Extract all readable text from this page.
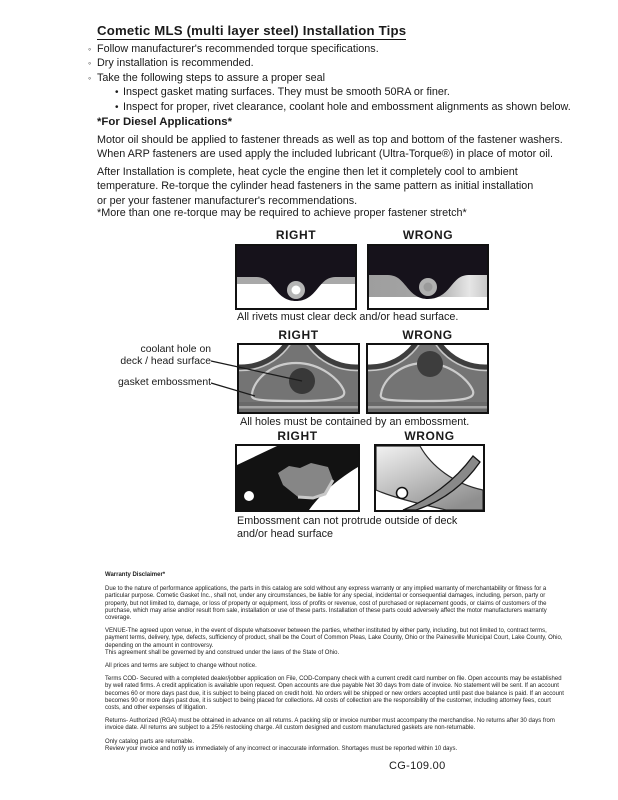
Cometic MLS (multi layer steel) Installation Tips
◦ Follow manufacturer's recommended torque specifications.
◦ Dry installation is recommended.
◦ Take the following steps to assure a proper seal
• Inspect gasket mating surfaces. They must be smooth 50RA or finer.
• Inspect for proper, rivet clearance, coolant hole and embossment alignments as shown below.
*For Diesel Applications*
Motor oil should be applied to fastener threads as well as top and bottom of the fastener washers.
When ARP fasteners are used apply the included lubricant (Ultra-Torque®) in place of motor oil.
After Installation is complete, heat cycle the engine then let it completely cool to ambient
temperature. Re-torque the cylinder head fasteners in the same pattern as initial installation
or per your fastener manufacturer's recommendations.
*More than one re-torque may be required to achieve proper fastener stretch*
RIGHT	WRONG
All rivets must clear deck and/or head surface.
RIGHT	WRONG
coolant hole on
deck / head surface
gasket embossment
All holes must be contained by an embossment.
RIGHT	WRONG
Embossment can not protrude outside of deck
and/or head surface

Warranty Disclaimer*

Due to the nature of performance applications, the parts in this catalog are sold without any express warranty or any implied warranty of merchantability or fitness for a particular purpose. Cometic Gasket Inc., shall not, under any circumstances, be liable for any special, incidental or consequential damages, including, person, party or property, but not limited to, damage, or loss of property or equipment, loss of profits or revenue, cost of purchased or replacement goods, or claims of customers of the purchase, which may arise and/or result from sale, installation or use of these parts. Installation of these parts could adversely affect the motor manufacturers warranty coverage.

VENUE-The agreed upon venue, in the event of dispute whatsoever between the parties, whether instituted by either party, including, but not limited to, contract terms, payment terms, delivery, type, defects, sufficiency of product, shall be the Court of Common Pleas, Lake County, Ohio or the Painesville Municipal Court, Lake County, Ohio, depending on the amount in controversy.

This agreement shall be governed by and construed under the laws of the State of Ohio.

All prices and terms are subject to change without notice.

Terms COD- Secured with a completed dealer/jobber application on File, COD-Company check with a current credit card number on file. Open accounts may be established by well rated firms. A credit application is available upon request. Open accounts are due payable Net 30 days from date of invoice. No statement will be sent. If an account becomes 60 or more days past due, it is subject to being placed on credit hold. No orders will be shipped or new orders accepted until past due balance is paid. If an account becomes 90 or more days past due, it is subject to being placed for collections. All costs of collection are the responsibility of the customer, including attorney fees, court costs, and other expenses of litigation.

Returns- Authorized (RGA) must be obtained in advance on all returns. A packing slip or invoice number must accompany the merchandise. No returns after 30 days from invoice date. All returns are subject to a 25% restocking charge. All custom designed and custom manufactured gaskets are non-returnable.

Only catalog parts are returnable.

Review your invoice and notify us immediately of any incorrect or inaccurate information. Shortages must be reported within 10 days.

CG-109.00
